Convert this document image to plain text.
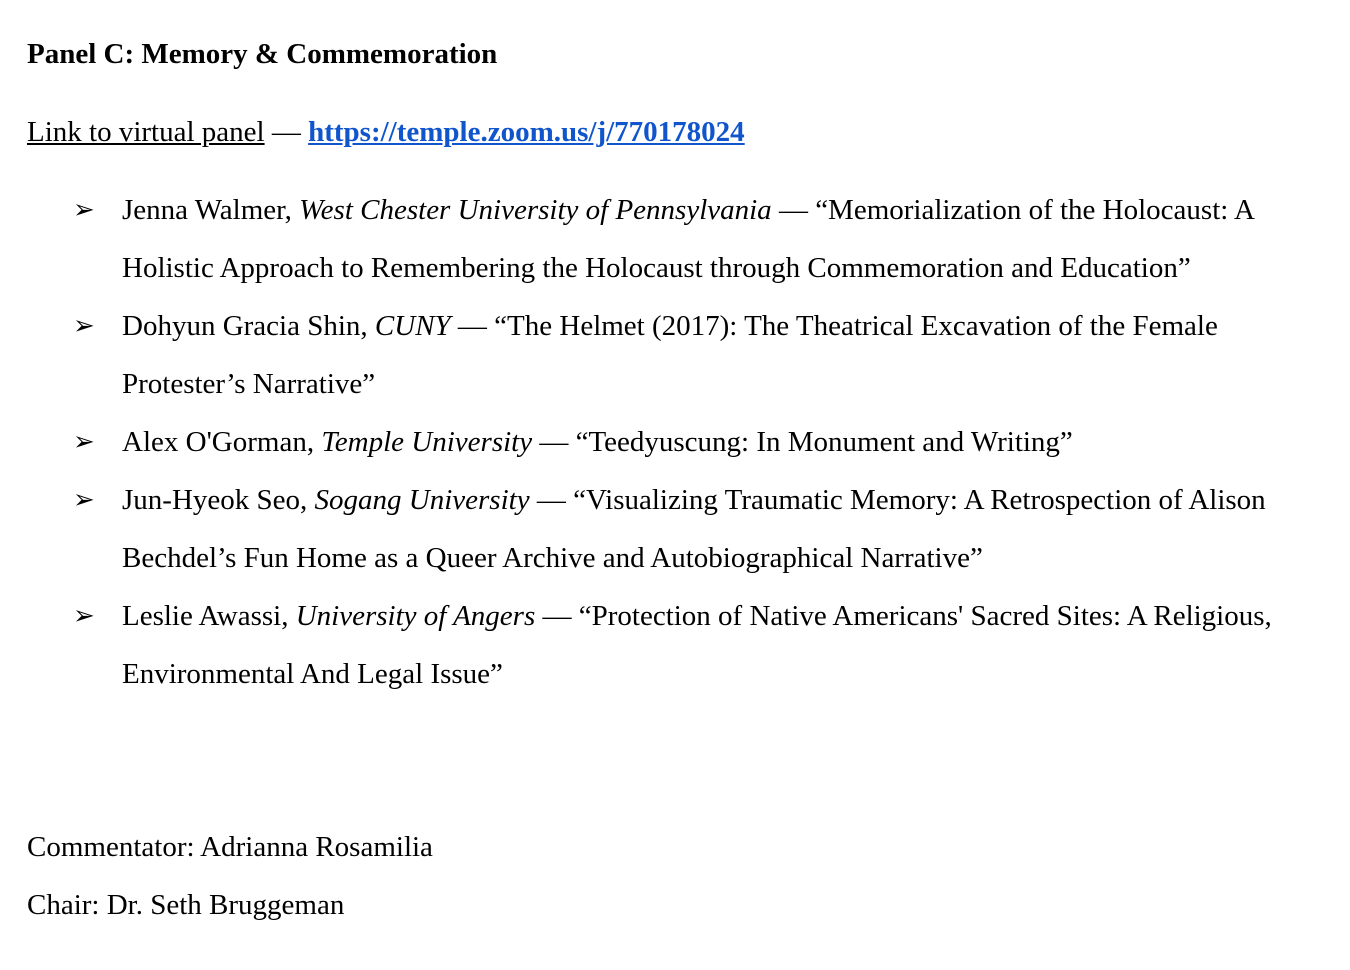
Panel C: Memory & Commemoration
Link to virtual panel — https://temple.zoom.us/j/770178024
➢ Jenna Walmer, West Chester University of Pennsylvania — “Memorialization of the Holocaust: A Holistic Approach to Remembering the Holocaust through Commemoration and Education”
➢ Dohyun Gracia Shin, CUNY — “The Helmet (2017): The Theatrical Excavation of the Female Protester’s Narrative”
➢ Alex O'Gorman, Temple University — “Teedyuscung: In Monument and Writing”
➢ Jun-Hyeok Seo, Sogang University — “Visualizing Traumatic Memory: A Retrospection of Alison Bechdel’s Fun Home as a Queer Archive and Autobiographical Narrative”
➢ Leslie Awassi, University of Angers — “Protection of Native Americans' Sacred Sites: A Religious, Environmental And Legal Issue”
Commentator: Adrianna Rosamilia
Chair: Dr. Seth Bruggeman
